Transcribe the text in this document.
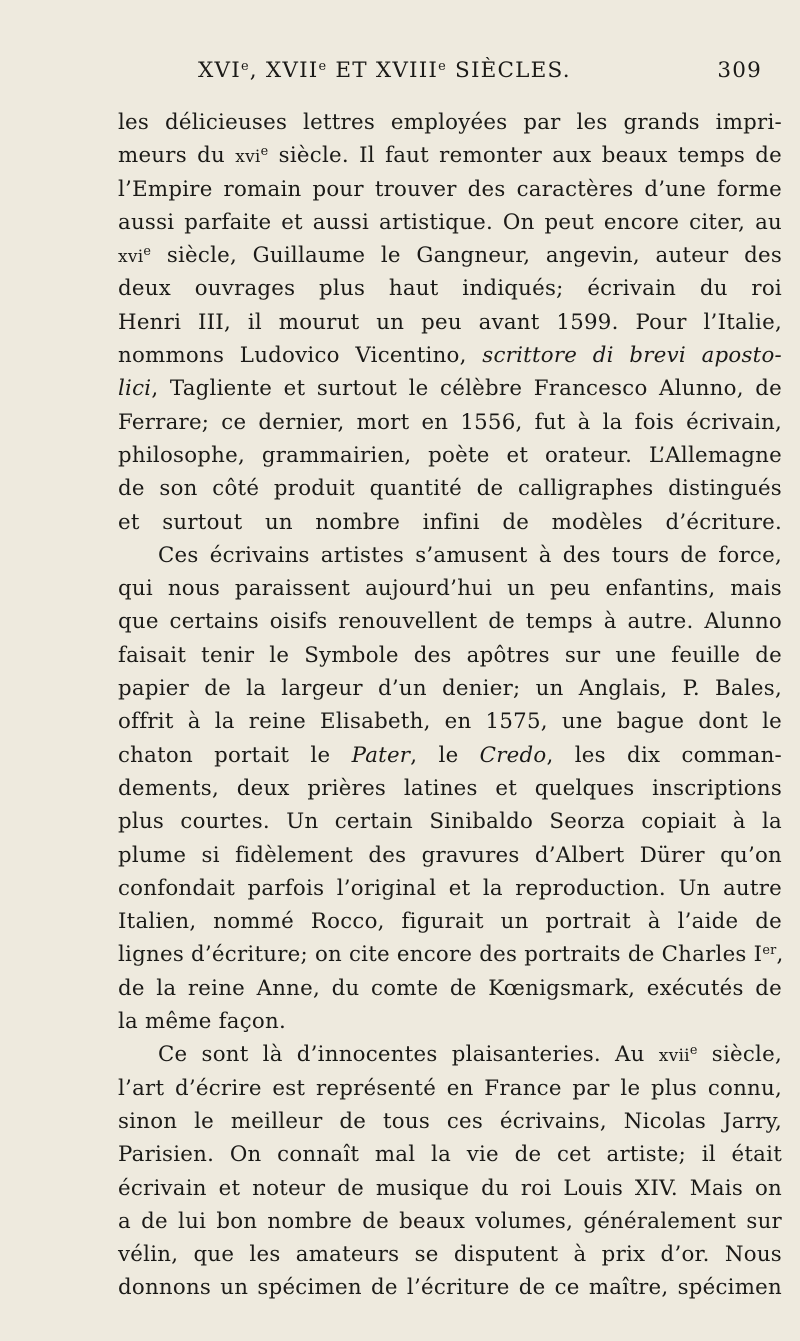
XVIe, XVIIe ET XVIIIe SIÈCLES.	309
les délicieuses lettres employées par les grands impri-
meurs du xvi$^e$ siècle. Il faut remonter aux beaux temps de
l’Empire romain pour trouver des caractères d’une forme
aussi parfaite et aussi artistique. On peut encore citer, au
xvi$^e$ siècle, Guillaume le Gangneur, angevin, auteur des
deux ouvrages plus haut indiqués; écrivain du roi
Henri III, il mourut un peu avant 1599. Pour l’Italie,
nommons Ludovico Vicentino, scrittore di brevi aposto-
lici, Tagliente et surtout le célèbre Francesco Alunno, de
Ferrare; ce dernier, mort en 1556, fut à la fois écrivain,
philosophe, grammairien, poète et orateur. L’Allemagne
de son côté produit quantité de calligraphes distingués
et surtout un nombre infini de modèles d’écriture.
Ces écrivains artistes s’amusent à des tours de force,
qui nous paraissent aujourd’hui un peu enfantins, mais
que certains oisifs renouvellent de temps à autre. Alunno
faisait tenir le Symbole des apôtres sur une feuille de
papier de la largeur d’un denier; un Anglais, P. Bales,
offrit à la reine Elisabeth, en 1575, une bague dont le
chaton portait le Pater, le Credo, les dix comman-
dements, deux prières latines et quelques inscriptions
plus courtes. Un certain Sinibaldo Seorza copiait à la
plume si fidèlement des gravures d’Albert Dürer qu’on
confondait parfois l’original et la reproduction. Un autre
Italien, nommé Rocco, figurait un portrait à l’aide de
lignes d’écriture; on cite encore des portraits de Charles Ier,
de la reine Anne, du comte de Kœnigsmark, exécutés de
la même façon.
Ce sont là d’innocentes plaisanteries. Au xvii$^e$ siècle,
l’art d’écrire est représenté en France par le plus connu,
sinon le meilleur de tous ces écrivains, Nicolas Jarry,
Parisien. On connaît mal la vie de cet artiste; il était
écrivain et noteur de musique du roi Louis XIV. Mais on
a de lui bon nombre de beaux volumes, généralement sur
vélin, que les amateurs se disputent à prix d’or. Nous
donnons un spécimen de l’écriture de ce maître, spécimen
